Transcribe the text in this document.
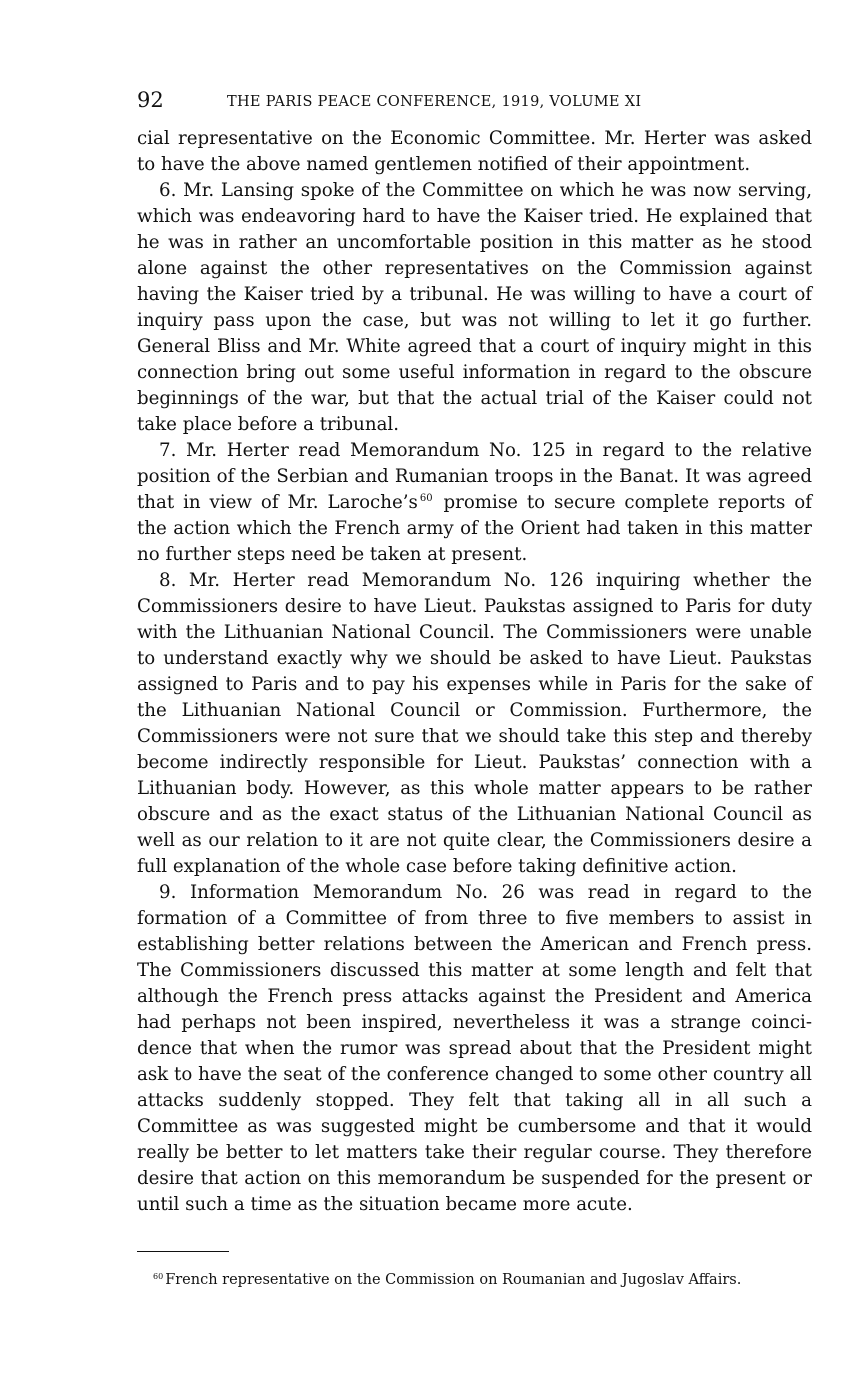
92	THE PARIS PEACE CONFERENCE, 1919, VOLUME XI

cial representative on the Economic Committee. Mr. Herter was asked to have the above named gentlemen notified of their appointment.

6. Mr. Lansing spoke of the Committee on which he was now serving, which was endeavoring hard to have the Kaiser tried. He explained that he was in rather an uncomfortable position in this matter as he stood alone against the other representatives on the Commission against having the Kaiser tried by a tribunal. He was willing to have a court of inquiry pass upon the case, but was not willing to let it go further. General Bliss and Mr. White agreed that a court of inquiry might in this connection bring out some useful information in regard to the obscure beginnings of the war, but that the actual trial of the Kaiser could not take place before a tribunal.

7. Mr. Herter read Memorandum No. 125 in regard to the relative position of the Serbian and Rumanian troops in the Banat. It was agreed that in view of Mr. Laroche’s $^{60}$ promise to secure complete reports of the action which the French army of the Orient had taken in this matter no further steps need be taken at present.

8. Mr. Herter read Memorandum No. 126 inquiring whether the Commissioners desire to have Lieut. Paukstas assigned to Paris for duty with the Lithuanian National Council. The Commissioners were unable to understand exactly why we should be asked to have Lieut. Paukstas assigned to Paris and to pay his expenses while in Paris for the sake of the Lithuanian National Council or Commission. Furthermore, the Commissioners were not sure that we should take this step and thereby become indirectly responsible for Lieut. Paukstas’ connection with a Lithuanian body. However, as this whole matter appears to be rather obscure and as the exact status of the Lithuanian National Council as well as our relation to it are not quite clear, the Commissioners desire a full explanation of the whole case before taking definitive action.

9. Information Memorandum No. 26 was read in regard to the formation of a Committee of from three to five members to assist in establishing better relations between the American and French press. The Commissioners discussed this matter at some length and felt that although the French press attacks against the President and America had perhaps not been inspired, nevertheless it was a strange coincidence that when the rumor was spread about that the President might ask to have the seat of the conference changed to some other country all attacks suddenly stopped. They felt that taking all in all such a Committee as was suggested might be cumbersome and that it would really be better to let matters take their regular course. They therefore desire that action on this memorandum be suspended for the present or until such a time as the situation became more acute.

$^{60}$ French representative on the Commission on Roumanian and Jugoslav Affairs.
